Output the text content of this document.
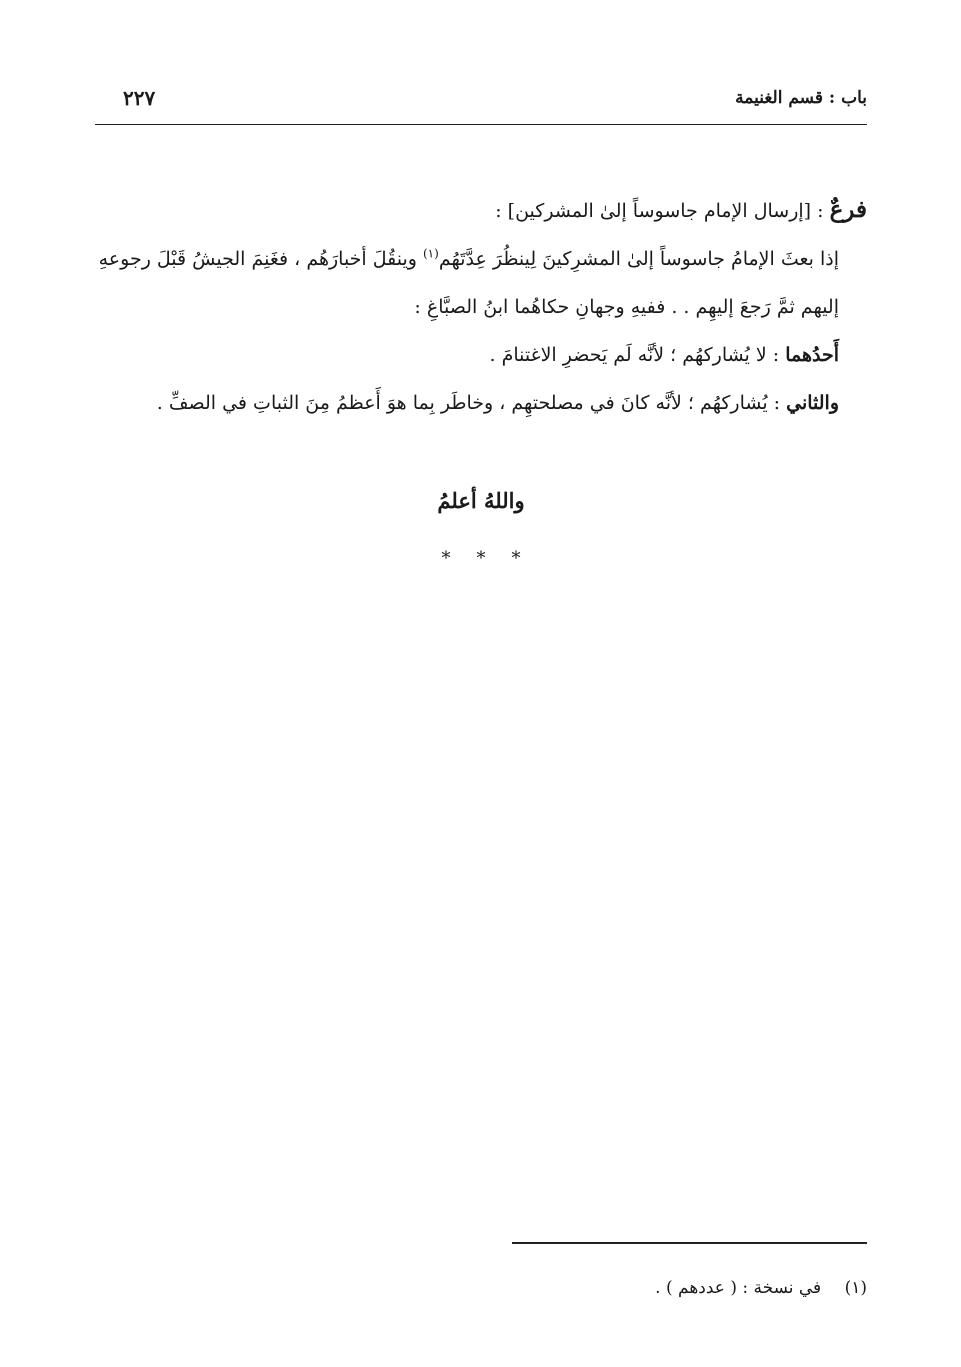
باب : قسم الغنيمة
٢٢٧

فرعٌ : [إرسال الإمام جاسوساً إلىٰ المشركين] :

إذا بعثَ الإمامُ جاسوساً إلىٰ المشرِكينَ لِينظُرَ عِدَّتَهُم$^{(١)}$ وينقُلَ أخبارَهُم ، فغَنِمَ الجيشُ قَبْلَ رجوعهِ إليهم ثمَّ رَجعَ إليهِم . . ففيهِ وجهانِ حكاهُما ابنُ الصبَّاغِ :

أَحدُهما : لا يُشاركهُم ؛ لأنَّه لَم يَحضرِ الاغتنامَ .

والثاني : يُشاركهُم ؛ لأنَّه كانَ في مصلحتهِم ، وخاطَر بِما هوَ أَعظمُ مِنَ الثباتِ في الصفِّ .

واللهُ أعلمُ
***
(١) في نسخة : ( عددهم ) .
